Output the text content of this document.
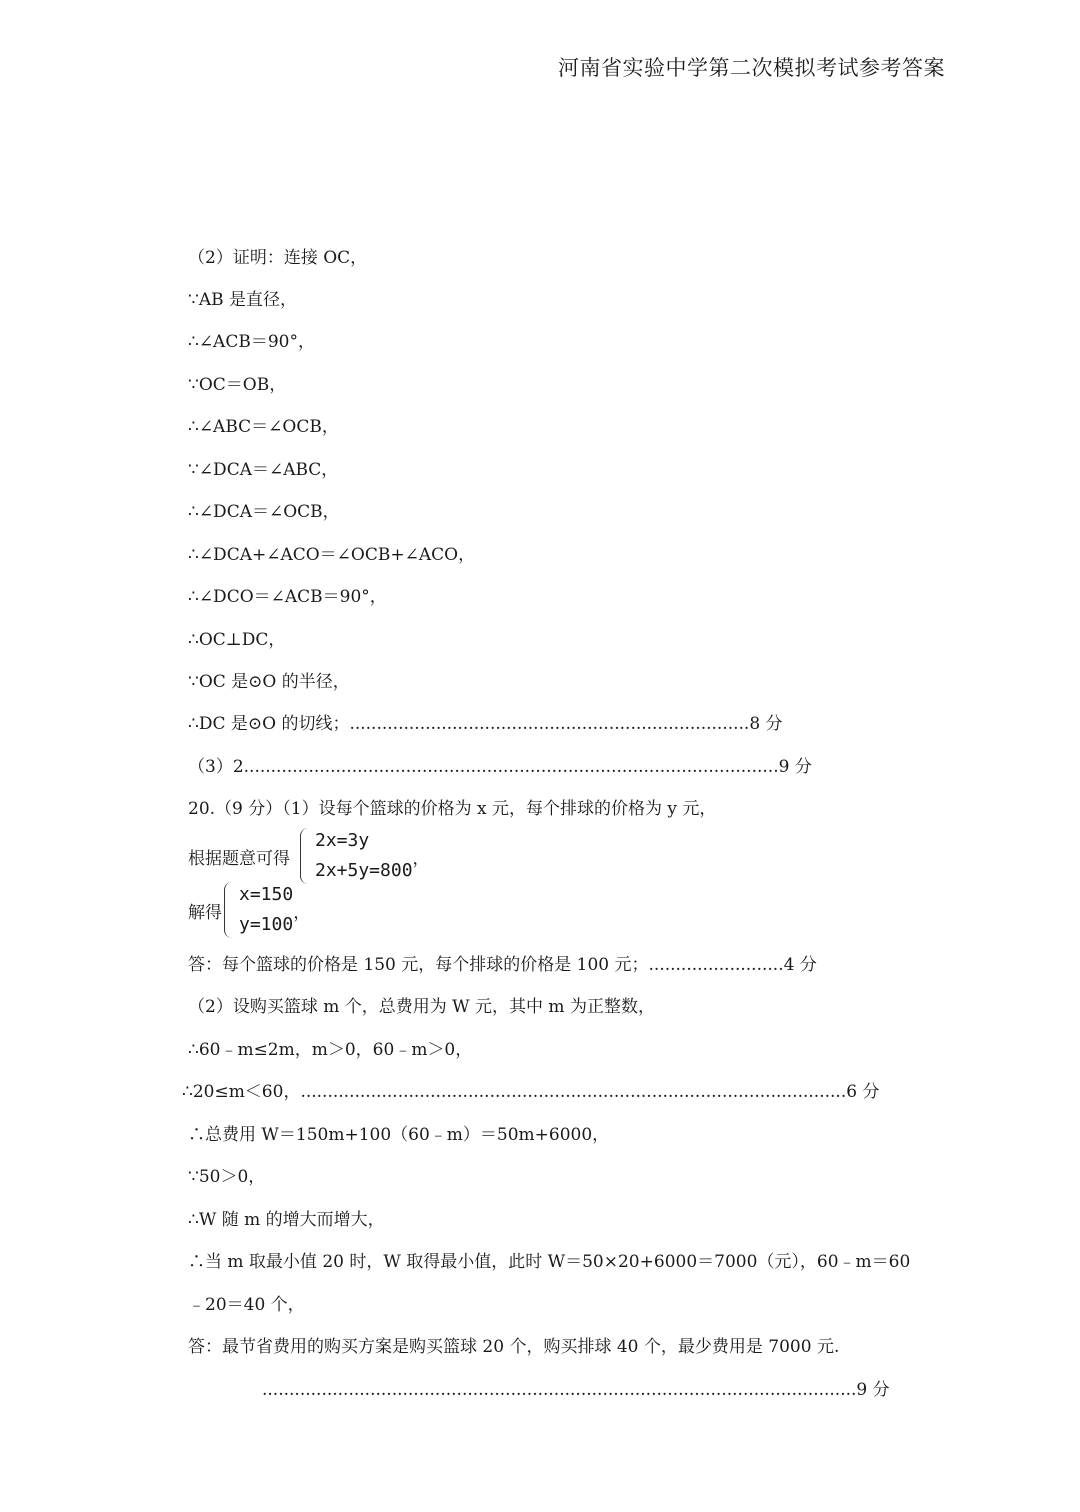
河南省实验中学第二次模拟考试参考答案
（2）证明：连接 OC，
∵AB 是直径，
∴∠ACB＝90°，
∵OC＝OB，
∴∠ABC＝∠OCB，
∵∠DCA＝∠ABC，
∴∠DCA＝∠OCB，
∴∠DCA+∠ACO＝∠OCB+∠ACO，
∴∠DCO＝∠ACB＝90°，
∴OC⊥DC，
∵OC 是⊙O 的半径，
∴DC 是⊙O 的切线；..........................................................................8 分
（3）2...................................................................................................9 分
20.（9 分）（1）设每个篮球的价格为 x 元，每个排球的价格为 y 元，
根据题意可得
2x=3y
2x+5y=800
，
解得
x=150
y=100
，
答：每个篮球的价格是 150 元，每个排球的价格是 100 元；.........................4 分
（2）设购买篮球 m 个，总费用为 W 元，其中 m 为正整数，
∴60﹣m≤2m，m＞0，60﹣m＞0，
∴20≤m＜60，.....................................................................................................6 分
∴总费用 W＝150m+100（60﹣m）＝50m+6000，
∵50＞0，
∴W 随 m 的增大而增大，
∴当 m 取最小值 20 时，W 取得最小值，此时 W＝50×20+6000＝7000（元），60﹣m＝60
﹣20＝40 个，
答：最节省费用的购买方案是购买篮球 20 个，购买排球 40 个，最少费用是 7000 元.
..............................................................................................................9 分
